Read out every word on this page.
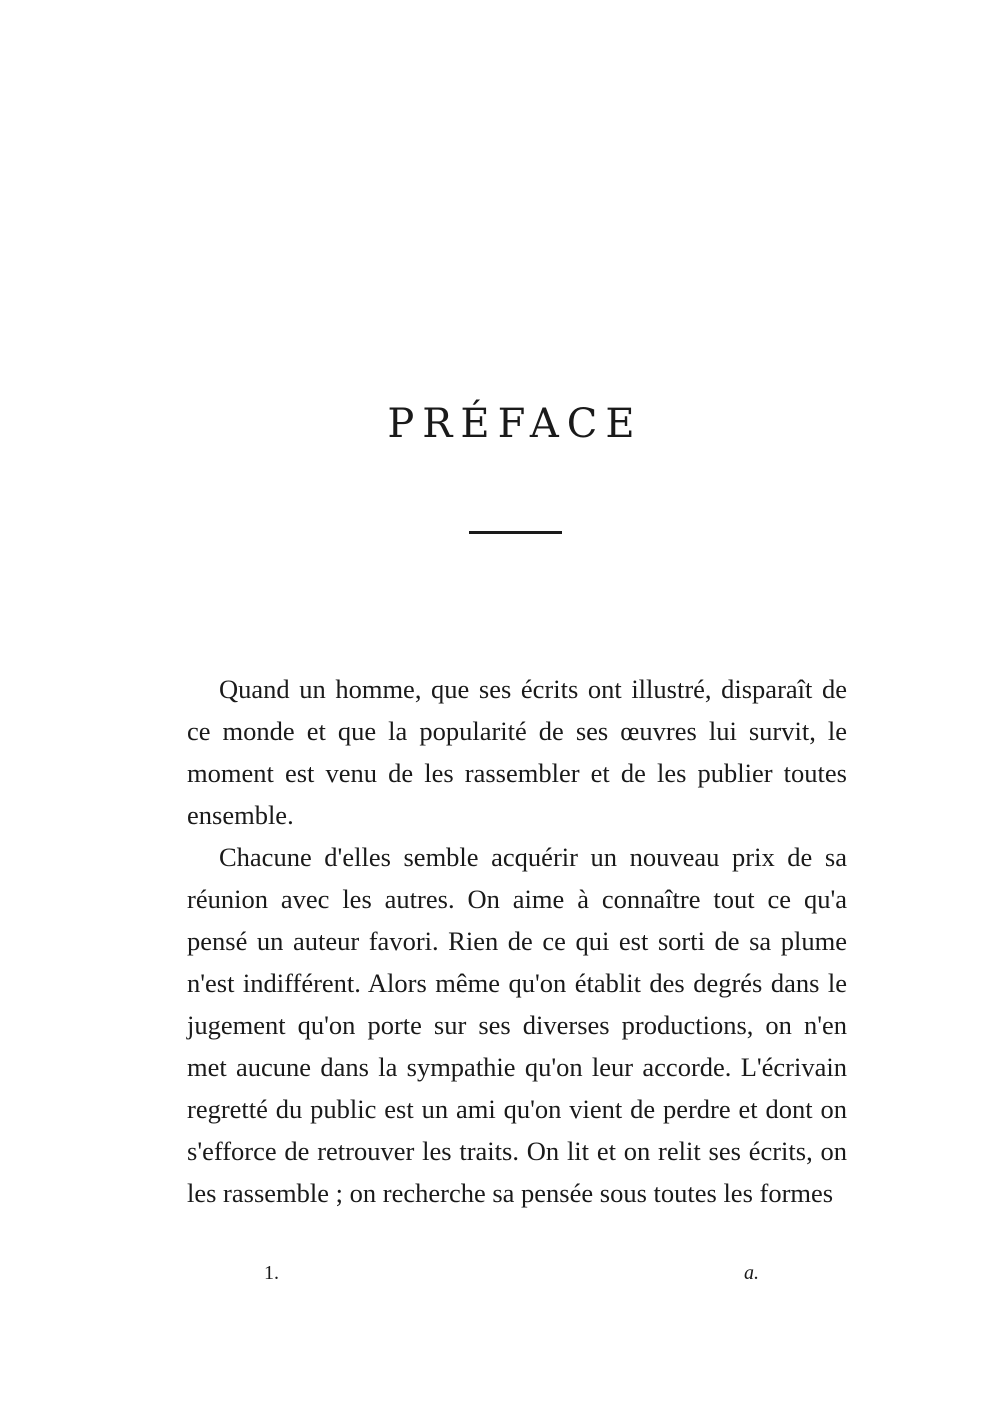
PRÉFACE

Quand un homme, que ses écrits ont illustré, disparaît de ce monde et que la popularité de ses œuvres lui survit, le moment est venu de les rassembler et de les publier toutes ensemble.

Chacune d'elles semble acquérir un nouveau prix de sa réunion avec les autres. On aime à connaître tout ce qu'a pensé un auteur favori. Rien de ce qui est sorti de sa plume n'est indifférent. Alors même qu'on établit des degrés dans le jugement qu'on porte sur ses diverses productions, on n'en met aucune dans la sympathie qu'on leur accorde. L'écrivain regretté du public est un ami qu'on vient de perdre et dont on s'efforce de retrouver les traits. On lit et on relit ses écrits, on les rassemble ; on recherche sa pensée sous toutes les formes

1.	a.
